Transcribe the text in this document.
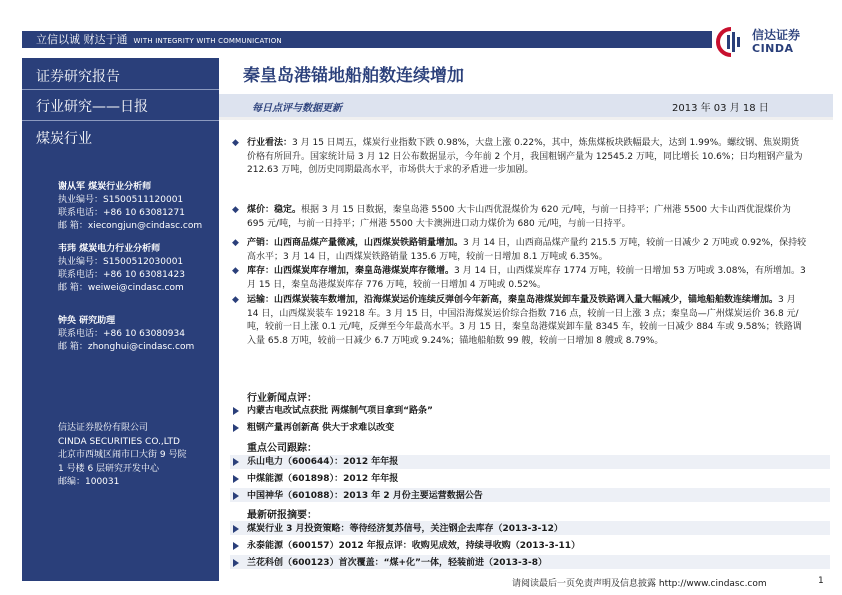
立信以诚 财达于通 WITH INTEGRITY WITH COMMUNICATION	信达证券
CINDA
证券研究报告
行业研究——日报
煤炭行业
谢从军 煤炭行业分析师
执业编号：S1500511120001
联系电话：+86 10 63081271
邮 箱：xiecongjun@cindasc.com
韦玮 煤炭电力行业分析师
执业编号：S1500512030001
联系电话：+86 10 63081423
邮 箱：weiwei@cindasc.com
钟奂 研究助理
联系电话：+86 10 63080934
邮 箱：zhonghui@cindasc.com
信达证券股份有限公司
CINDA SECURITIES CO.,LTD
北京市西城区闹市口大街 9 号院
1 号楼 6 层研究开发中心
邮编：100031
秦皇岛港锚地船舶数连续增加
每日点评与数据更新	2013 年 03 月 18 日
◆ 行业看法：3 月 15 日周五，煤炭行业指数下跌 0.98%，大盘上涨 0.22%，其中，炼焦煤板块跌幅最大，达到 1.99%。螺纹钢、焦炭期货价格有所回升。国家统计局 3 月 12 日公布数据显示，今年前 2 个月，我国粗钢产量为 12545.2 万吨，同比增长 10.6%；日均粗钢产量为 212.63 万吨，创历史同期最高水平，市场供大于求的矛盾进一步加剧。
◆ 煤价：稳定。根据 3 月 15 日数据，秦皇岛港 5500 大卡山西优混煤价为 620 元/吨，与前一日持平；广州港 5500 大卡山西优混煤价为 695 元/吨，与前一日持平；广州港 5500 大卡澳洲进口动力煤价为 680 元/吨，与前一日持平。
◆ 产销：山西商品煤产量微减，山西煤炭铁路销量增加。3 月 14 日，山西商品煤产量约 215.5 万吨，较前一日减少 2 万吨或 0.92%，保持较高水平；3 月 14 日，山西煤炭铁路销量 135.6 万吨，较前一日增加 8.1 万吨或 6.35%。
◆ 库存：山西煤炭库存增加，秦皇岛港煤炭库存微增。3 月 14 日，山西煤炭库存 1774 万吨，较前一日增加 53 万吨或 3.08%，有所增加。3 月 15 日，秦皇岛港煤炭库存 776 万吨，较前一日增加 4 万吨或 0.52%。
◆ 运输：山西煤炭装车数增加，沿海煤炭运价连续反弹创今年新高，秦皇岛港煤炭卸车量及铁路调入量大幅减少，锚地船舶数连续增加。3 月 14 日，山西煤炭装车 19218 车。3 月 15 日，中国沿海煤炭运价综合指数 716 点，较前一日上涨 3 点；秦皇岛—广州煤炭运价 36.8 元/吨，较前一日上涨 0.1 元/吨，反弹至今年最高水平。3 月 15 日，秦皇岛港煤炭卸车量 8345 车，较前一日减少 884 车或 9.58%；铁路调入量 65.8 万吨，较前一日减少 6.7 万吨或 9.24%；锚地船舶数 99 艘，较前一日增加 8 艘或 8.79%。
行业新闻点评：
内蒙古电改试点获批 两煤制气项目拿到“路条”
粗钢产量再创新高 供大于求难以改变
重点公司跟踪：
乐山电力（600644）：2012 年年报
中煤能源（601898）：2012 年年报
中国神华（601088）：2013 年 2 月份主要运营数据公告
最新研报摘要：
煤炭行业 3 月投资策略：等待经济复苏信号，关注钢企去库存（2013-3-12）
永泰能源（600157）2012 年报点评：收购见成效，持续寻收购（2013-3-11）
兰花科创（600123）首次覆盖：“煤+化”一体，轻装前进（2013-3-8）
请阅读最后一页免责声明及信息披露 http://www.cindasc.com	1
